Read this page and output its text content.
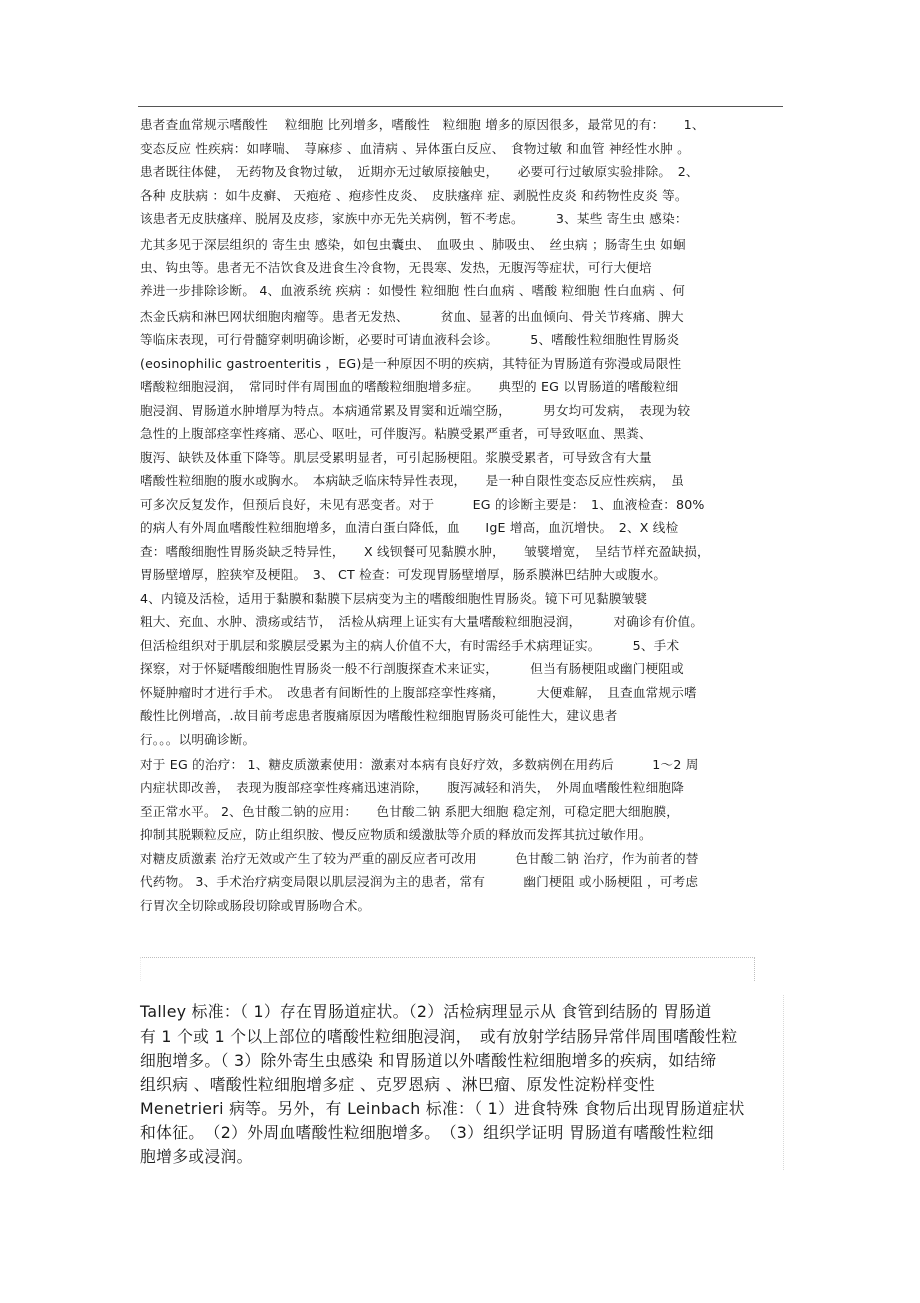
患者查血常规示嗜酸性　 粒细胞 比列增多，嗜酸性　粒细胞 增多的原因很多，最常见的有：　　1、
变态反应 性疾病：如哮喘、　荨麻疹 、血清病 、异体蛋白反应、　食物过敏 和血管 神经性水肿 。
患者既往体健，　无药物及食物过敏，　近期亦无过敏原接触史，　　必要可行过敏原实验排除。　2、
各种 皮肤病 ：如牛皮癣、 天疱疮 、疱疹性皮炎、　皮肤瘙痒 症、剥脱性皮炎 和药物性皮炎 等。
该患者无皮肤瘙痒、脱屑及皮疹，家族中亦无先关病例，暂不考虑。　　　3、某些 寄生虫 感染：
尤其多见于深层组织的 寄生虫 感染，如包虫囊虫、　血吸虫 、肺吸虫、　丝虫病 ；肠寄生虫 如蛔
虫、钩虫等。患者无不洁饮食及进食生冷食物，无畏寒、发热，无腹泻等症状，可行大便培
养进一步排除诊断。 4、血液系统 疾病 ：如慢性 粒细胞 性白血病 、嗜酸 粒细胞 性白血病 、何
杰金氏病和淋巴网状细胞肉瘤等。患者无发热、　　　贫血、显著的出血倾向、骨关节疼痛、脾大
等临床表现，可行骨髓穿刺明确诊断，必要时可请血液科会诊。　　　5、嗜酸性粒细胞性胃肠炎
(eosinophilic gastroenteritis ，EG)是一种原因不明的疾病，其特征为胃肠道有弥漫或局限性
嗜酸粒细胞浸润，　常同时伴有周围血的嗜酸粒细胞增多症。　　典型的 EG 以胃肠道的嗜酸粒细
胞浸润、胃肠道水肿增厚为特点。本病通常累及胃窦和近端空肠，　　　男女均可发病，　表现为较
急性的上腹部痉挛性疼痛、恶心、呕吐，可伴腹泻。粘膜受累严重者，可导致呕血、黑粪、
腹泻、缺铁及体重下降等。肌层受累明显者，可引起肠梗阻。浆膜受累者，可导致含有大量
嗜酸性粒细胞的腹水或胸水。　本病缺乏临床特异性表现，　　是一种自限性变态反应性疾病，　虽
可多次反复发作，但预后良好，未见有恶变者。对于　　　EG 的诊断主要是：　1、血液检查：80%
的病人有外周血嗜酸性粒细胞增多，血清白蛋白降低，血　　IgE 增高，血沉增快。　2、X 线检
查：嗜酸细胞性胃肠炎缺乏特异性，　　X 线钡餐可见黏膜水肿，　　皱襞增宽，　呈结节样充盈缺损，
胃肠壁增厚，腔狭窄及梗阻。　3、 CT 检查：可发现胃肠壁增厚，肠系膜淋巴结肿大或腹水。
4、内镜及活检，适用于黏膜和黏膜下层病变为主的嗜酸细胞性胃肠炎。镜下可见黏膜皱襞
粗大、充血、水肿、溃疡或结节，　活检从病理上证实有大量嗜酸粒细胞浸润，　　　对确诊有价值。
但活检组织对于肌层和浆膜层受累为主的病人价值不大，有时需经手术病理证实。　　　5、手术
探察，对于怀疑嗜酸细胞性胃肠炎一般不行剖腹探查术来证实，　　　但当有肠梗阻或幽门梗阻或
怀疑肿瘤时才进行手术。　改患者有间断性的上腹部痉挛性疼痛，　　　大便难解，　且查血常规示嗜
酸性比例增高，.故目前考虑患者腹痛原因为嗜酸性粒细胞胃肠炎可能性大，建议患者
行。。。以明确诊断。
对于 EG 的治疗： 1、糖皮质激素使用：激素对本病有良好疗效，多数病例在用药后　　　1～2 周
内症状即改善，　表现为腹部痉挛性疼痛迅速消除，　　腹泻减轻和消失，　外周血嗜酸性粒细胞降
至正常水平。 2、色甘酸二钠的应用：　　色甘酸二钠 系肥大细胞 稳定剂，可稳定肥大细胞膜，
抑制其脱颗粒反应，防止组织胺、慢反应物质和缓激肽等介质的释放而发挥其抗过敏作用。
对糖皮质激素 治疗无效或产生了较为严重的副反应者可改用　　　色甘酸二钠 治疗，作为前者的替
代药物。 3、手术治疗病变局限以肌层浸润为主的患者，常有　　　幽门梗阻 或小肠梗阻 ，可考虑
行胃次全切除或肠段切除或胃肠吻合术。
Talley 标准：（ 1）存在胃肠道症状。（2）活检病理显示从 食管到结肠的 胃肠道
有 1 个或 1 个以上部位的嗜酸性粒细胞浸润，　或有放射学结肠异常伴周围嗜酸性粒
细胞增多。（ 3）除外寄生虫感染 和胃肠道以外嗜酸性粒细胞增多的疾病，如结缔
组织病 、嗜酸性粒细胞增多症 、克罗恩病 、淋巴瘤、原发性淀粉样变性
Menetrieri 病等。另外，有 Leinbach 标准：（ 1）进食特殊 食物后出现胃肠道症状
和体征。　（2）外周血嗜酸性粒细胞增多。　（3）组织学证明 胃肠道有嗜酸性粒细
胞增多或浸润。
